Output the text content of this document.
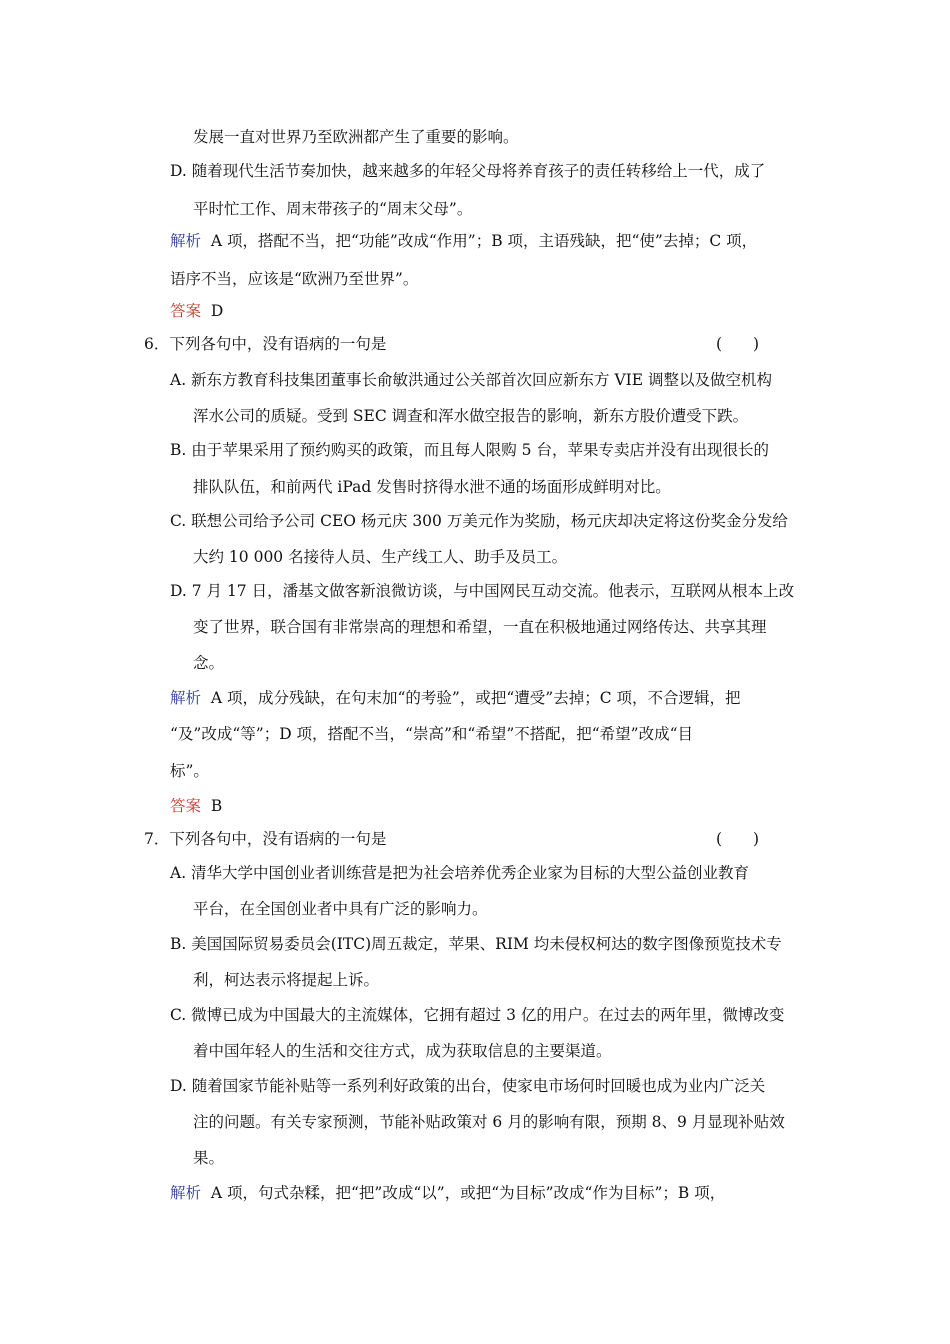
发展一直对世界乃至欧洲都产生了重要的影响。
D. 随着现代生活节奏加快，越来越多的年轻父母将养育孩子的责任转移给上一代，成了
平时忙工作、周末带孩子的“周末父母”。
解析 A 项，搭配不当，把“功能”改成“作用”；B 项，主语残缺，把“使”去掉；C 项，
语序不当，应该是“欧洲乃至世界”。
答案 D
6．下列各句中，没有语病的一句是	(　　)
A. 新东方教育科技集团董事长俞敏洪通过公关部首次回应新东方 VIE 调整以及做空机构
浑水公司的质疑。受到 SEC 调查和浑水做空报告的影响，新东方股价遭受下跌。
B. 由于苹果采用了预约购买的政策，而且每人限购 5 台，苹果专卖店并没有出现很长的
排队队伍，和前两代 iPad 发售时挤得水泄不通的场面形成鲜明对比。
C. 联想公司给予公司 CEO 杨元庆 300 万美元作为奖励，杨元庆却决定将这份奖金分发给
大约 10 000 名接待人员、生产线工人、助手及员工。
D. 7 月 17 日，潘基文做客新浪微访谈，与中国网民互动交流。他表示，互联网从根本上改
变了世界，联合国有非常崇高的理想和希望，一直在积极地通过网络传达、共享其理
念。
解析 A 项，成分残缺，在句末加“的考验”，或把“遭受”去掉；C 项，不合逻辑，把
“及”改成“等”；D 项，搭配不当，“崇高”和“希望”不搭配，把“希望”改成“目
标”。
答案 B
7．下列各句中，没有语病的一句是	(　　)
A. 清华大学中国创业者训练营是把为社会培养优秀企业家为目标的大型公益创业教育
平台，在全国创业者中具有广泛的影响力。
B. 美国国际贸易委员会(ITC)周五裁定，苹果、RIM 均未侵权柯达的数字图像预览技术专
利，柯达表示将提起上诉。
C. 微博已成为中国最大的主流媒体，它拥有超过 3 亿的用户。在过去的两年里，微博改变
着中国年轻人的生活和交往方式，成为获取信息的主要渠道。
D. 随着国家节能补贴等一系列利好政策的出台，使家电市场何时回暖也成为业内广泛关
注的问题。有关专家预测，节能补贴政策对 6 月的影响有限，预期 8、9 月显现补贴效
果。
解析 A 项，句式杂糅，把“把”改成“以”，或把“为目标”改成“作为目标”；B 项，
